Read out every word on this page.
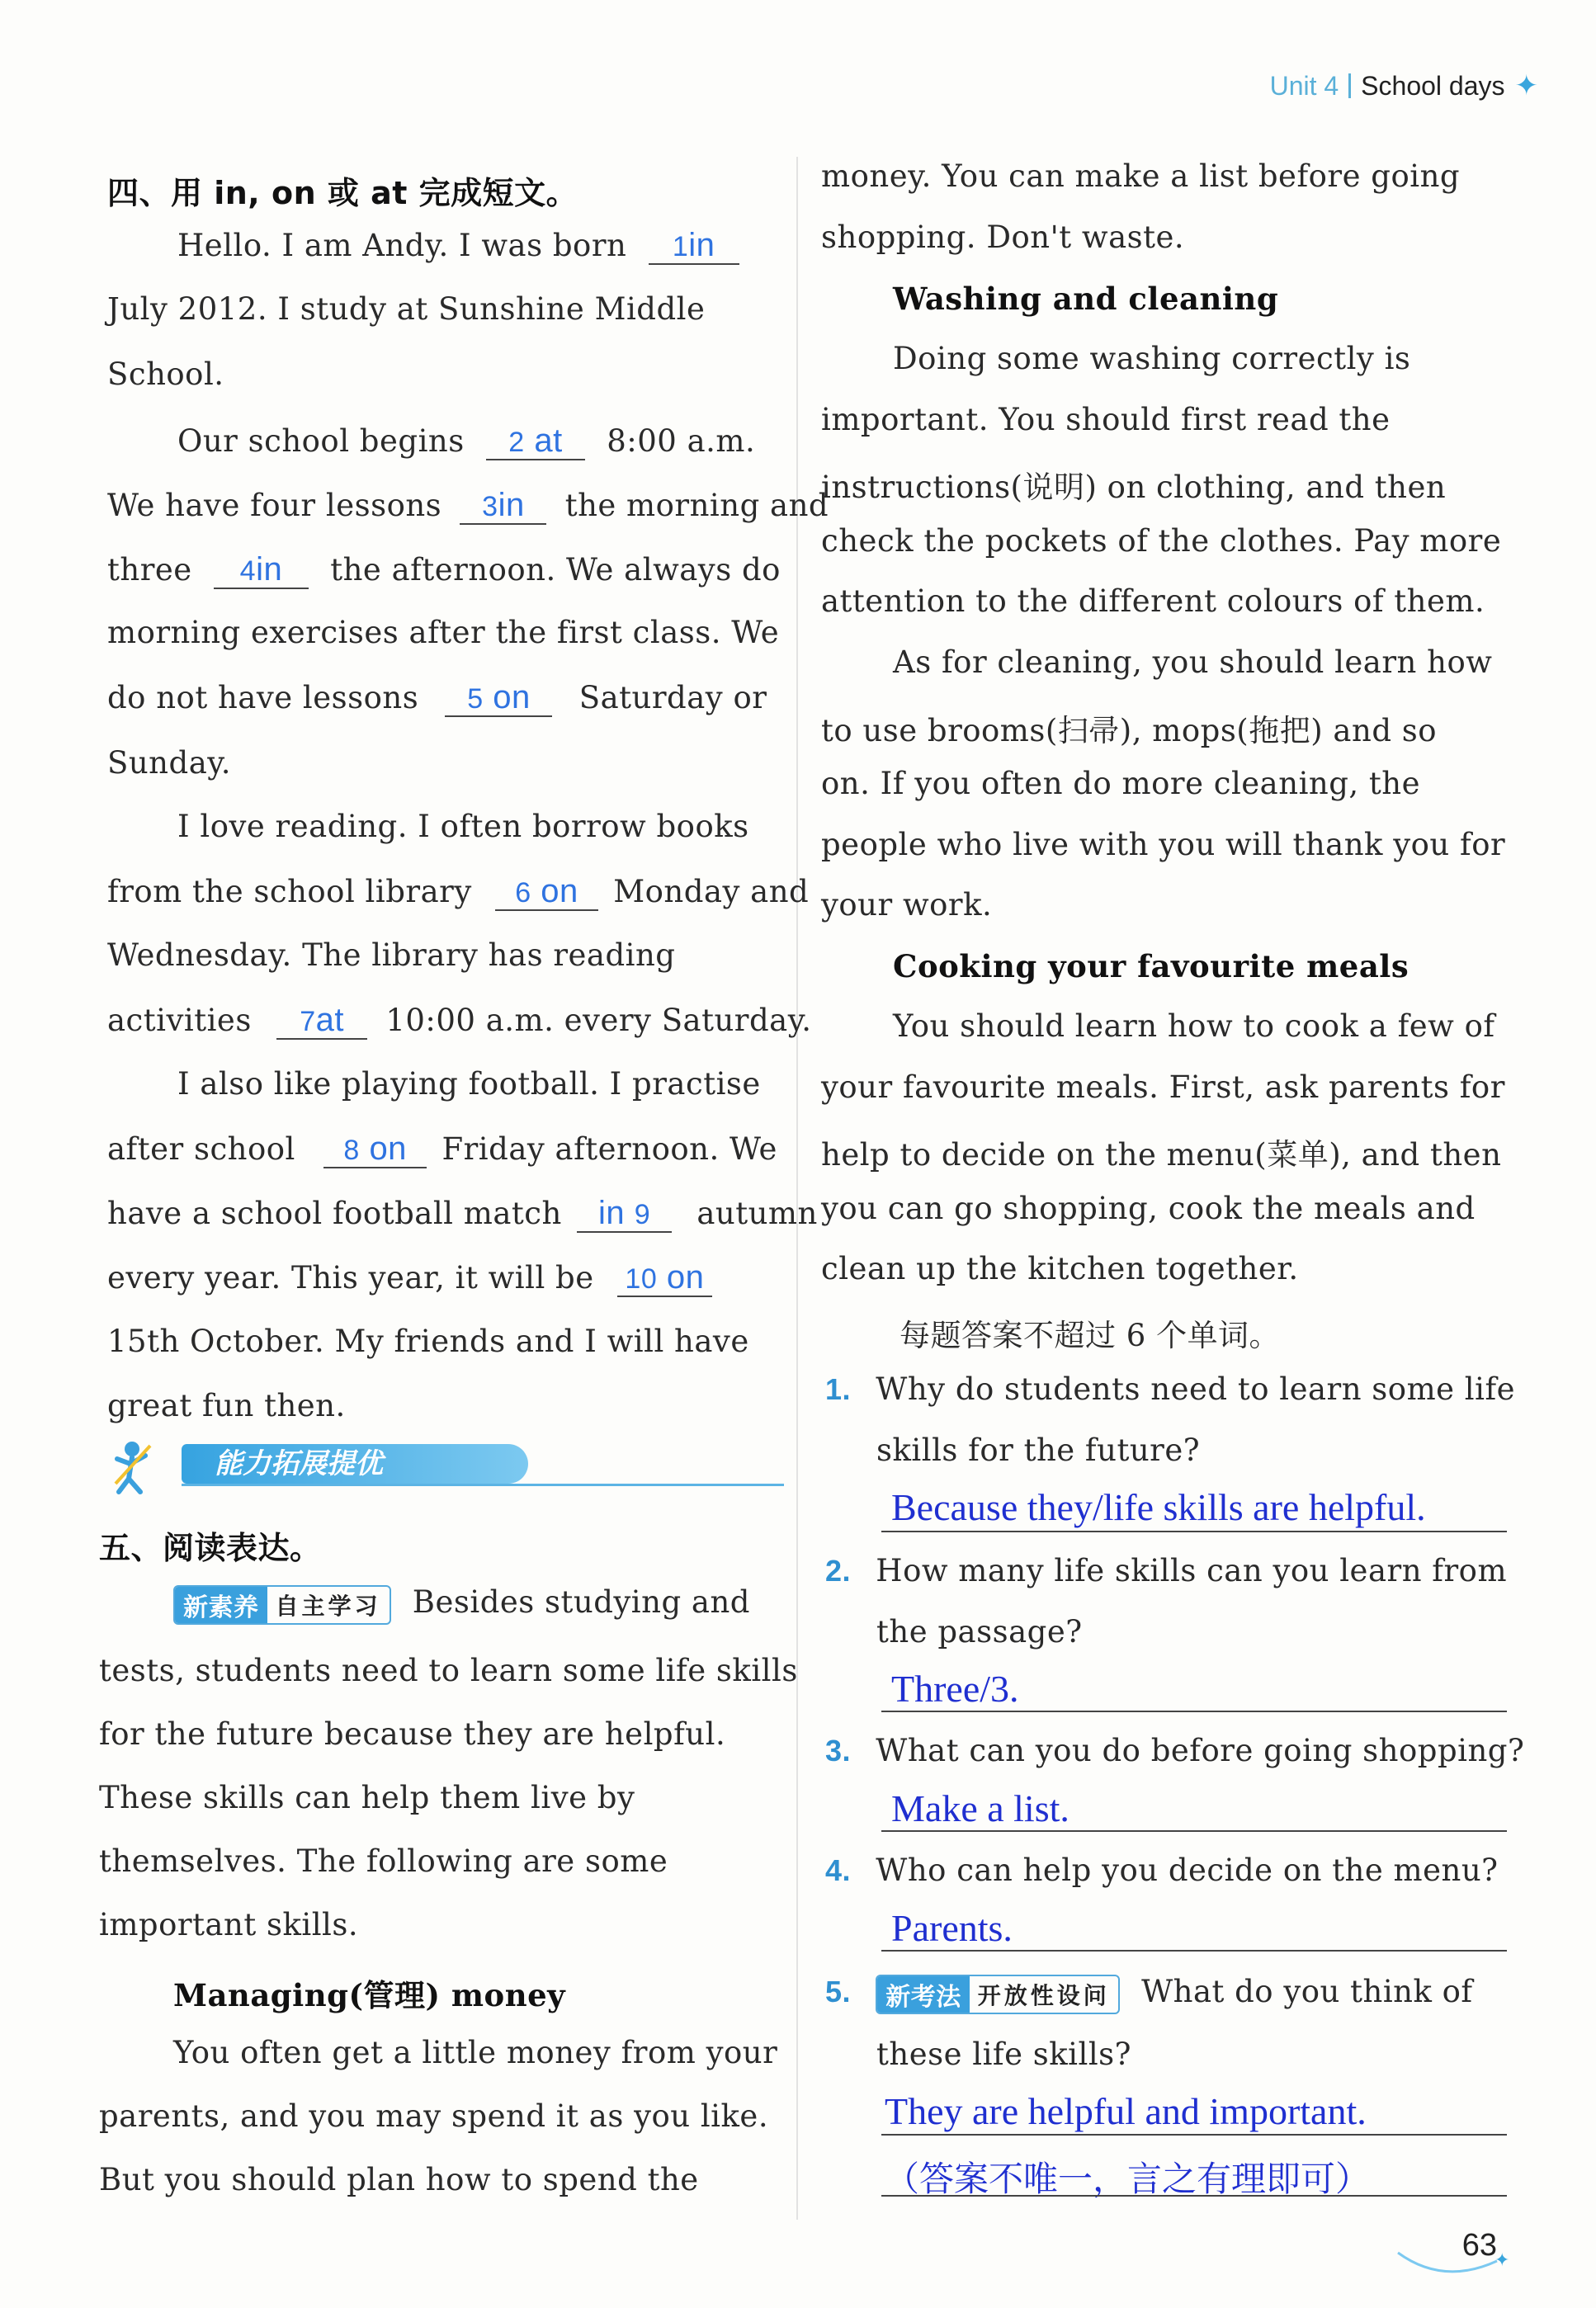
Unit 4 School days ✦
四、用 in, on 或 at 完成短文。
Hello. I am Andy. I was born 1in
July 2012. I study at Sunshine Middle
School.
Our school begins 2 at 8:00 a.m.
We have four lessons 3in the morning and
three 4in the afternoon. We always do
morning exercises after the first class. We
do not have lessons 5 on Saturday or
Sunday.
I love reading. I often borrow books
from the school library 6 on Monday and
Wednesday. The library has reading
activities 7at 10:00 a.m. every Saturday.
I also like playing football. I practise
after school 8 on Friday afternoon. We
have a school football match in 9 autumn
every year. This year, it will be 10 on
15th October. My friends and I will have
great fun then.
能力拓展提优
五、阅读表达。
新素养 自主学习 Besides studying and
tests, students need to learn some life skills
for the future because they are helpful.
These skills can help them live by
themselves. The following are some
important skills.
Managing(管理) money
You often get a little money from your
parents, and you may spend it as you like.
But you should plan how to spend the
money. You can make a list before going
shopping. Don't waste.
Washing and cleaning
Doing some washing correctly is
important. You should first read the
instructions(说明) on clothing, and then
check the pockets of the clothes. Pay more
attention to the different colours of them.
As for cleaning, you should learn how
to use brooms(扫帚), mops(拖把) and so
on. If you often do more cleaning, the
people who live with you will thank you for
your work.
Cooking your favourite meals
You should learn how to cook a few of
your favourite meals. First, ask parents for
help to decide on the menu(菜单), and then
you can go shopping, cook the meals and
clean up the kitchen together.
每题答案不超过 6 个单词。
1. Why do students need to learn some life
skills for the future?
Because they/life skills are helpful.
2. How many life skills can you learn from
the passage?
Three/3.
3. What can you do before going shopping?
Make a list.
4. Who can help you decide on the menu?
Parents.
5.	新考法 开放性设问 What do you think of
these life skills?
They are helpful and important.
（答案不唯一，言之有理即可）
✦
63
